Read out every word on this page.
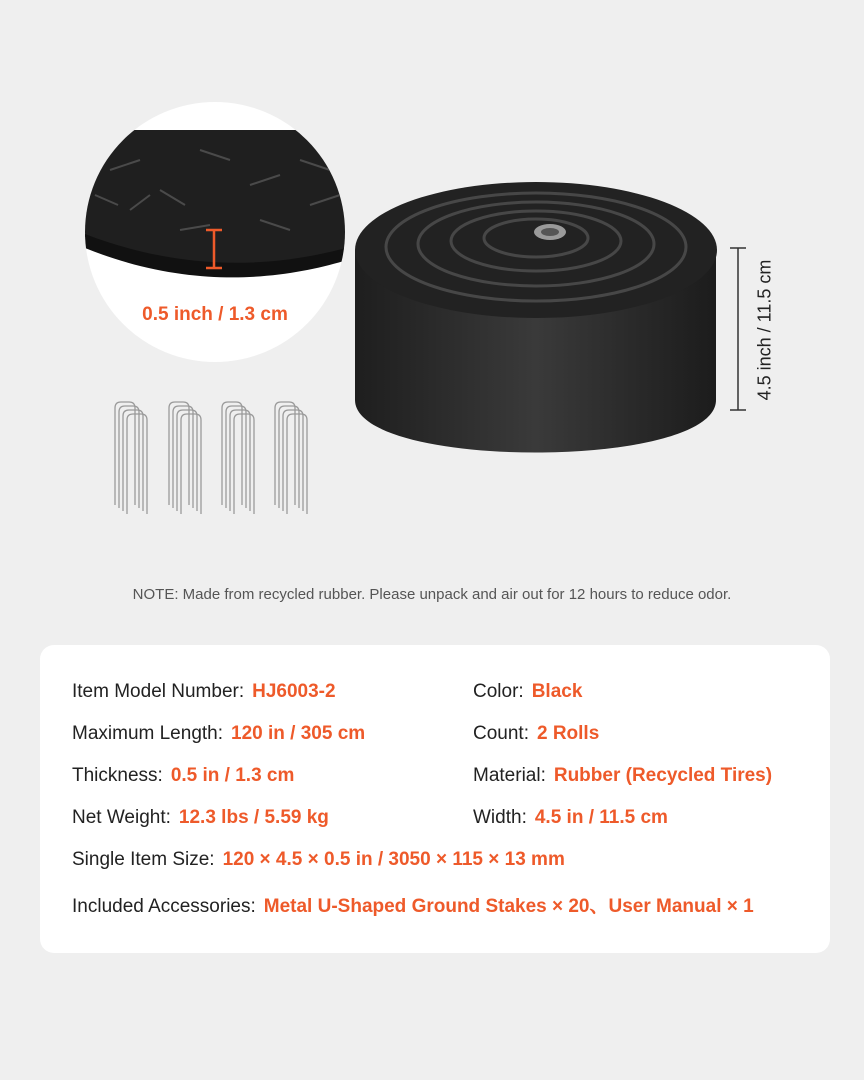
0.5 inch / 1.3 cm	4.5 inch / 11.5 cm
NOTE: Made from recycled rubber. Please unpack and air out for 12 hours to reduce odor.
Item Model Number: HJ6003-2	Color: Black
Maximum Length: 120 in / 305 cm	Count: 2 Rolls
Thickness: 0.5 in / 1.3 cm	Material: Rubber (Recycled Tires)
Net Weight: 12.3 lbs / 5.59 kg	Width: 4.5 in / 11.5 cm
Single Item Size: 120 × 4.5 × 0.5 in / 3050 × 115 × 13 mm
Included Accessories: Metal U-Shaped Ground Stakes × 20、User Manual × 1
